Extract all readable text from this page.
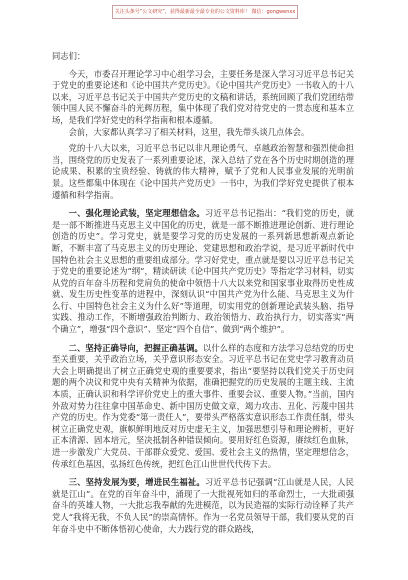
关注头条号“公文研究”，获得最新最全最专业的公文资料库！ 微信：gongwenxx
同志们：

今天，市委召开理论学习中心组学习会，主要任务是深入学习习近平总书记关于党史的重要论述和《论中国共产党历史》。《论中国共产党历史》一书收入的十八以来，习近平总书记关于中国共产党历史的文稿和讲话，系统回顾了我们党团结带领中国人民不懈奋斗的光辉历程，集中体现了我们党对待党史的一贯态度和基本立场，是我们学好党史的科学指南和根本遵循。

会前，大家都认真学习了相关材料，这里，我先带头谈几点体会。

党的十八大以来，习近平总书记以非凡理论勇气、卓越政治智慧和强烈使命担当，围绕党的历史发表了一系列重要论述，深入总结了党在各个历史时期创造的理论成果、积累的宝贵经验、铸就的伟大精神，赋予了党和人民事业发展的光明前景。这些都集中体现在《论中国共产党历史》一书中，为我们学好党史提供了根本遵循和科学指南。

一、强化理论武装，坚定理想信念。习近平总书记指出：“我们党的历史，就是一部不断推进马克思主义中国化的历史，就是一部不断推进理论创新、进行理论创造的历史”。学习党史，就是要学习党的历史发展的一系列新思想新观点新论断，不断丰富了马克思主义的历史理论、党建思想和政治学说，是习近平新时代中国特色社会主义思想的重要组成部分。学习好党史，重点就是要以习近平总书记关于党史的重要论述为“纲”，精读研读《论中国共产党历史》等指定学习材料，切实从党的百年奋斗历程和党肩负的使命中领悟十八大以来党和国家事业取得历史性成就、发生历史性变革的进程中，深刻认识“中国共产党为什么能、马克思主义为什么行、中国特色社会主义为什么好”等道理，切实用党的创新理论武装头脑、指导实践、推动工作，不断增强政治判断力、政治领悟力、政治执行力，切实落实“两个确立”，增强“四个意识”、坚定“四个自信”、做到“两个维护”。

二、坚持正确导向，把握正确基调。以什么样的态度和方法学习总结党的历史至关重要，关乎政治立场，关乎意识形态安全。习近平总书记在党史学习教育动员大会上明确提出了树立正确党史观的重要要求，指出“要坚持以我们党关于历史问题的两个决议和党中央有关精神为依据，准确把握党的历史发展的主题主线、主流本质，正确认识和科学评价党史上的重大事件、重要会议、重要人物。”当前，国内外敌对势力往往拿中国革命史、新中国历史做文章，竭力攻击、丑化、污蔑中国共产党的历史。作为党委“第一责任人”，要带头严格落实意识形态工作责任制，带头树立正确党史观，旗帜鲜明地反对历史虚无主义，加强思想引导和理论辨析，更好正本清源、固本培元，坚决抵制各种错误倾向。要用好红色资源，赓续红色血脉，进一步激发广大党员、干部群众爱党、爱国、爱社会主义的热情，坚定理想信念，传承红色基因，弘扬红色传统，把红色江山世世代代传下去。

三、坚持发展为要，增进民生福祉。习近平总书记强调“江山就是人民，人民就是江山”。在党的百年奋斗中，涌现了一大批视死如归的革命烈士，一大批顽强奋斗的英雄人物，一大批忘我奉献的先进模范，以为民造福的实际行动诠释了共产党人“我将无我，不负人民”的崇高情怀。作为一名党员领导干部，我们要从党的百年奋斗史中不断体悟初心使命，大力践行党的群众路线，
